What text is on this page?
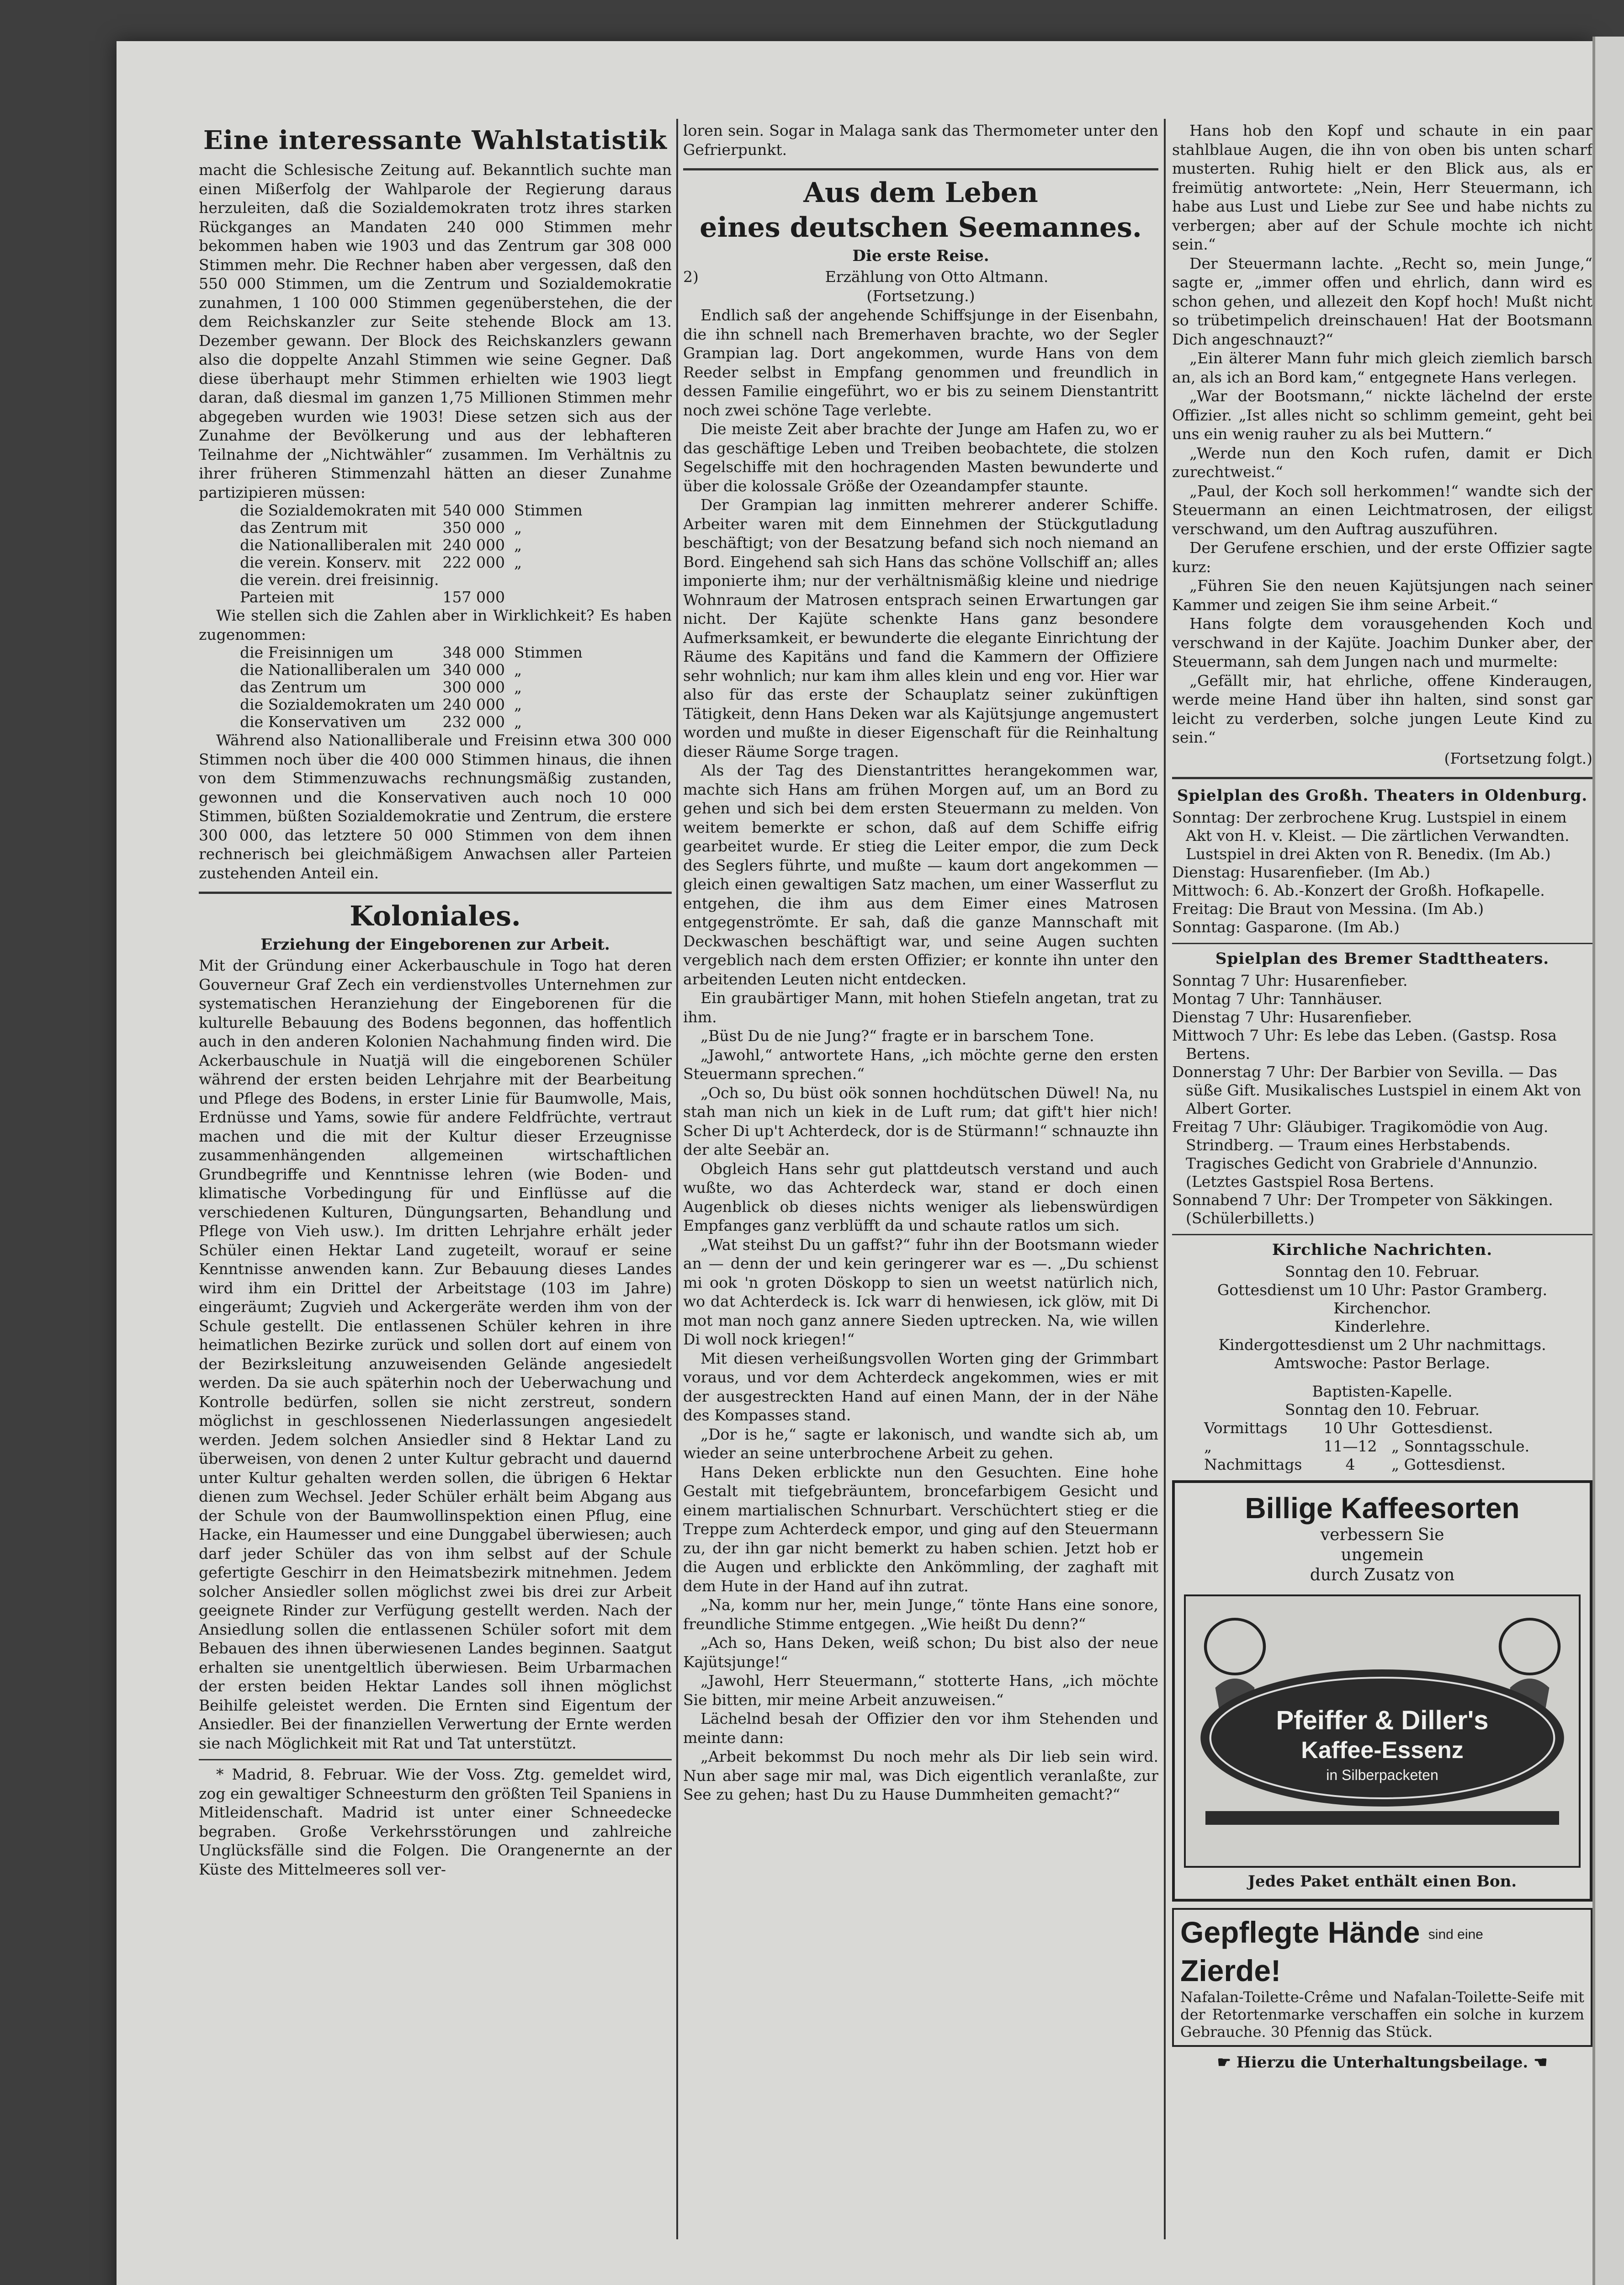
Eine interessante Wahlstatistik

macht die Schlesische Zeitung auf. Bekanntlich suchte man einen Mißerfolg der Wahlparole der Regierung daraus herzuleiten, daß die Sozialdemokraten trotz ihres starken Rückganges an Mandaten 240 000 Stimmen mehr bekommen haben wie 1903 und das Zentrum gar 308 000 Stimmen mehr. Die Rechner haben aber vergessen, daß den 550 000 Stimmen, um die Zentrum und Sozialdemokratie zunahmen, 1 100 000 Stimmen gegenüberstehen, die der dem Reichskanzler zur Seite stehende Block am 13. Dezember gewann. Der Block des Reichskanzlers gewann also die doppelte Anzahl Stimmen wie seine Gegner. Daß diese überhaupt mehr Stimmen erhielten wie 1903 liegt daran, daß diesmal im ganzen 1,75 Millionen Stimmen mehr abgegeben wurden wie 1903! Diese setzen sich aus der Zunahme der Bevölkerung und aus der lebhafteren Teilnahme der „Nichtwähler“ zusammen. Im Verhältnis zu ihrer früheren Stimmenzahl hätten an dieser Zunahme partizipieren müssen:

die Sozialdemokraten mit 540 000 Stimmen
das Zentrum mit	350 000 „
die Nationalliberalen mit 240 000 „
die verein. Konserv. mit	222 000 „
die verein. drei freisinnig.
Parteien mit	157 000

Wie stellen sich die Zahlen aber in Wirklichkeit? Es haben zugenommen:

die Freisinnigen um	348 000 Stimmen
die Nationalliberalen um 340 000 „
das Zentrum um	300 000 „
die Sozialdemokraten um 240 000 „
die Konservativen um	232 000 „

Während also Nationalliberale und Freisinn etwa 300 000 Stimmen noch über die 400 000 Stimmen hinaus, die ihnen von dem Stimmenzuwachs rechnungsmäßig zustanden, gewonnen und die Konservativen auch noch 10 000 Stimmen, büßten Sozialdemokratie und Zentrum, die erstere 300 000, das letztere 50 000 Stimmen von dem ihnen rechnerisch bei gleichmäßigem Anwachsen aller Parteien zustehenden Anteil ein.

Koloniales.
Erziehung der Eingeborenen zur Arbeit.

Mit der Gründung einer Ackerbauschule in Togo hat deren Gouverneur Graf Zech ein verdienstvolles Unternehmen zur systematischen Heranziehung der Eingeborenen für die kulturelle Bebauung des Bodens begonnen, das hoffentlich auch in den anderen Kolonien Nachahmung finden wird. Die Ackerbauschule in Nuatjä will die eingeborenen Schüler während der ersten beiden Lehrjahre mit der Bearbeitung und Pflege des Bodens, in erster Linie für Baumwolle, Mais, Erdnüsse und Yams, sowie für andere Feldfrüchte, vertraut machen und die mit der Kultur dieser Erzeugnisse zusammenhängenden allgemeinen wirtschaftlichen Grundbegriffe und Kenntnisse lehren (wie Boden- und klimatische Vorbedingung für und Einflüsse auf die verschiedenen Kulturen, Düngungsarten, Behandlung und Pflege von Vieh usw.). Im dritten Lehrjahre erhält jeder Schüler einen Hektar Land zugeteilt, worauf er seine Kenntnisse anwenden kann. Zur Bebauung dieses Landes wird ihm ein Drittel der Arbeitstage (103 im Jahre) eingeräumt; Zugvieh und Ackergeräte werden ihm von der Schule gestellt. Die entlassenen Schüler kehren in ihre heimatlichen Bezirke zurück und sollen dort auf einem von der Bezirksleitung anzuweisenden Gelände angesiedelt werden. Da sie auch späterhin noch der Ueberwachung und Kontrolle bedürfen, sollen sie nicht zerstreut, sondern möglichst in geschlossenen Niederlassungen angesiedelt werden. Jedem solchen Ansiedler sind 8 Hektar Land zu überweisen, von denen 2 unter Kultur gebracht und dauernd unter Kultur gehalten werden sollen, die übrigen 6 Hektar dienen zum Wechsel. Jeder Schüler erhält beim Abgang aus der Schule von der Baumwollinspektion einen Pflug, eine Hacke, ein Haumesser und eine Dunggabel überwiesen; auch darf jeder Schüler das von ihm selbst auf der Schule gefertigte Geschirr in den Heimatsbezirk mitnehmen. Jedem solcher Ansiedler sollen möglichst zwei bis drei zur Arbeit geeignete Rinder zur Verfügung gestellt werden. Nach der Ansiedlung sollen die entlassenen Schüler sofort mit dem Bebauen des ihnen überwiesenen Landes beginnen. Saatgut erhalten sie unentgeltlich überwiesen. Beim Urbarmachen der ersten beiden Hektar Landes soll ihnen möglichst Beihilfe geleistet werden. Die Ernten sind Eigentum der Ansiedler. Bei der finanziellen Verwertung der Ernte werden sie nach Möglichkeit mit Rat und Tat unterstützt.

* Madrid, 8. Februar. Wie der Voss. Ztg. gemeldet wird, zog ein gewaltiger Schneesturm den größten Teil Spaniens in Mitleidenschaft. Madrid ist unter einer Schneedecke begraben. Große Verkehrsstörungen und zahlreiche Unglücksfälle sind die Folgen. Die Orangenernte an der Küste des Mittelmeeres soll ver-

loren sein. Sogar in Malaga sank das Thermometer unter den Gefrierpunkt.

Aus dem Leben
eines deutschen Seemannes.
Die erste Reise.
2)	Erzählung von Otto Altmann.

(Fortsetzung.)

Endlich saß der angehende Schiffsjunge in der Eisenbahn, die ihn schnell nach Bremerhaven brachte, wo der Segler Grampian lag. Dort angekommen, wurde Hans von dem Reeder selbst in Empfang genommen und freundlich in dessen Familie eingeführt, wo er bis zu seinem Dienstantritt noch zwei schöne Tage verlebte.

Die meiste Zeit aber brachte der Junge am Hafen zu, wo er das geschäftige Leben und Treiben beobachtete, die stolzen Segelschiffe mit den hochragenden Masten bewunderte und über die kolossale Größe der Ozeandampfer staunte.

Der Grampian lag inmitten mehrerer anderer Schiffe. Arbeiter waren mit dem Einnehmen der Stückgutladung beschäftigt; von der Besatzung befand sich noch niemand an Bord. Eingehend sah sich Hans das schöne Vollschiff an; alles imponierte ihm; nur der verhältnismäßig kleine und niedrige Wohnraum der Matrosen entsprach seinen Erwartungen gar nicht. Der Kajüte schenkte Hans ganz besondere Aufmerksamkeit, er bewunderte die elegante Einrichtung der Räume des Kapitäns und fand die Kammern der Offiziere sehr wohnlich; nur kam ihm alles klein und eng vor. Hier war also für das erste der Schauplatz seiner zukünftigen Tätigkeit, denn Hans Deken war als Kajütsjunge angemustert worden und mußte in dieser Eigenschaft für die Reinhaltung dieser Räume Sorge tragen.

Als der Tag des Dienstantrittes herangekommen war, machte sich Hans am frühen Morgen auf, um an Bord zu gehen und sich bei dem ersten Steuermann zu melden. Von weitem bemerkte er schon, daß auf dem Schiffe eifrig gearbeitet wurde. Er stieg die Leiter empor, die zum Deck des Seglers führte, und mußte — kaum dort angekommen — gleich einen gewaltigen Satz machen, um einer Wasserflut zu entgehen, die ihm aus dem Eimer eines Matrosen entgegenströmte. Er sah, daß die ganze Mannschaft mit Deckwaschen beschäftigt war, und seine Augen suchten vergeblich nach dem ersten Offizier; er konnte ihn unter den arbeitenden Leuten nicht entdecken.

Ein graubärtiger Mann, mit hohen Stiefeln angetan, trat zu ihm.

„Büst Du de nie Jung?“ fragte er in barschem Tone.

„Jawohl,“ antwortete Hans, „ich möchte gerne den ersten Steuermann sprechen.“

„Och so, Du büst oök sonnen hochdütschen Düwel! Na, nu stah man nich un kiek in de Luft rum; dat gift't hier nich! Scher Di up't Achterdeck, dor is de Stürmann!“ schnauzte ihn der alte Seebär an.

Obgleich Hans sehr gut plattdeutsch verstand und auch wußte, wo das Achterdeck war, stand er doch einen Augenblick ob dieses nichts weniger als liebenswürdigen Empfanges ganz verblüfft da und schaute ratlos um sich.

„Wat steihst Du un gaffst?“ fuhr ihn der Bootsmann wieder an — denn der und kein geringerer war es —. „Du schienst mi ook 'n groten Döskopp to sien un weetst natürlich nich, wo dat Achterdeck is. Ick warr di henwiesen, ick glöw, mit Di mot man noch ganz annere Sieden uptrecken. Na, wie willen Di woll nock kriegen!“

Mit diesen verheißungsvollen Worten ging der Grimmbart voraus, und vor dem Achterdeck angekommen, wies er mit der ausgestreckten Hand auf einen Mann, der in der Nähe des Kompasses stand.

„Dor is he,“ sagte er lakonisch, und wandte sich ab, um wieder an seine unterbrochene Arbeit zu gehen.

Hans Deken erblickte nun den Gesuchten. Eine hohe Gestalt mit tiefgebräuntem, broncefarbigem Gesicht und einem martialischen Schnurbart. Verschüchtert stieg er die Treppe zum Achterdeck empor, und ging auf den Steuermann zu, der ihn gar nicht bemerkt zu haben schien. Jetzt hob er die Augen und erblickte den Ankömmling, der zaghaft mit dem Hute in der Hand auf ihn zutrat.

„Na, komm nur her, mein Junge,“ tönte Hans eine sonore, freundliche Stimme entgegen. „Wie heißt Du denn?“

„Ach so, Hans Deken, weiß schon; Du bist also der neue Kajütsjunge!“

„Jawohl, Herr Steuermann,“ stotterte Hans, „ich möchte Sie bitten, mir meine Arbeit anzuweisen.“

Lächelnd besah der Offizier den vor ihm Stehenden und meinte dann:

„Arbeit bekommst Du noch mehr als Dir lieb sein wird. Nun aber sage mir mal, was Dich eigentlich veranlaßte, zur See zu gehen; hast Du zu Hause Dummheiten gemacht?“

Hans hob den Kopf und schaute in ein paar stahlblaue Augen, die ihn von oben bis unten scharf musterten. Ruhig hielt er den Blick aus, als er freimütig antwortete: „Nein, Herr Steuermann, ich habe aus Lust und Liebe zur See und habe nichts zu verbergen; aber auf der Schule mochte ich nicht sein.“

Der Steuermann lachte. „Recht so, mein Junge,“ sagte er, „immer offen und ehrlich, dann wird es schon gehen, und allezeit den Kopf hoch! Mußt nicht so trübetimpelich dreinschauen! Hat der Bootsmann Dich angeschnauzt?“

„Ein älterer Mann fuhr mich gleich ziemlich barsch an, als ich an Bord kam,“ entgegnete Hans verlegen.

„War der Bootsmann,“ nickte lächelnd der erste Offizier. „Ist alles nicht so schlimm gemeint, geht bei uns ein wenig rauher zu als bei Muttern.“

„Werde nun den Koch rufen, damit er Dich zurechtweist.“

„Paul, der Koch soll herkommen!“ wandte sich der Steuermann an einen Leichtmatrosen, der eiligst verschwand, um den Auftrag auszuführen.

Der Gerufene erschien, und der erste Offizier sagte kurz:

„Führen Sie den neuen Kajütsjungen nach seiner Kammer und zeigen Sie ihm seine Arbeit.“

Hans folgte dem vorausgehenden Koch und verschwand in der Kajüte. Joachim Dunker aber, der Steuermann, sah dem Jungen nach und murmelte:

„Gefällt mir, hat ehrliche, offene Kinderaugen, werde meine Hand über ihn halten, sind sonst gar leicht zu verderben, solche jungen Leute Kind zu sein.“

(Fortsetzung folgt.)

Spielplan des Großh. Theaters in Oldenburg.

Sonntag: Der zerbrochene Krug. Lustspiel in einem Akt von H. v. Kleist. — Die zärtlichen Verwandten. Lustspiel in drei Akten von R. Benedix. (Im Ab.)

Dienstag: Husarenfieber. (Im Ab.)

Mittwoch: 6. Ab.-Konzert der Großh. Hofkapelle.

Freitag: Die Braut von Messina. (Im Ab.)

Sonntag: Gasparone. (Im Ab.)

Spielplan des Bremer Stadttheaters.

Sonntag 7 Uhr: Husarenfieber.

Montag 7 Uhr: Tannhäuser.

Dienstag 7 Uhr: Husarenfieber.

Mittwoch 7 Uhr: Es lebe das Leben. (Gastsp. Rosa Bertens.

Donnerstag 7 Uhr: Der Barbier von Sevilla. — Das süße Gift. Musikalisches Lustspiel in einem Akt von Albert Gorter.

Freitag 7 Uhr: Gläubiger. Tragikomödie von Aug. Strindberg. — Traum eines Herbstabends. Tragisches Gedicht von Grabriele d'Annunzio. (Letztes Gastspiel Rosa Bertens.

Sonnabend 7 Uhr: Der Trompeter von Säkkingen. (Schülerbilletts.)

Kirchliche Nachrichten.

Sonntag den 10. Februar.

Gottesdienst um 10 Uhr: Pastor Gramberg.

Kirchenchor.

Kinderlehre.

Kindergottesdienst um 2 Uhr nachmittags.

Amtswoche: Pastor Berlage.

Baptisten-Kapelle.

Sonntag den 10. Februar.

Vormittags	10 Uhr Gottesdienst.
„	11—12 „ Sonntagsschule.
Nachmittags	4	„ Gottesdienst.

Billige Kaffeesorten

verbessern Sie

ungemein

durch Zusatz von

Pfeiffer & Diller's
Kaffee-Essenz
in Silberpacketen

Jedes Paket enthält einen Bon.

Gepflegte Hände sind eine Zierde!

Nafalan-Toilette-Crême und Nafalan-Toilette-Seife mit der Retortenmarke verschaffen ein solche in kurzem Gebrauche. 30 Pfennig das Stück.

☛ Hierzu die Unterhaltungsbeilage. ☚
